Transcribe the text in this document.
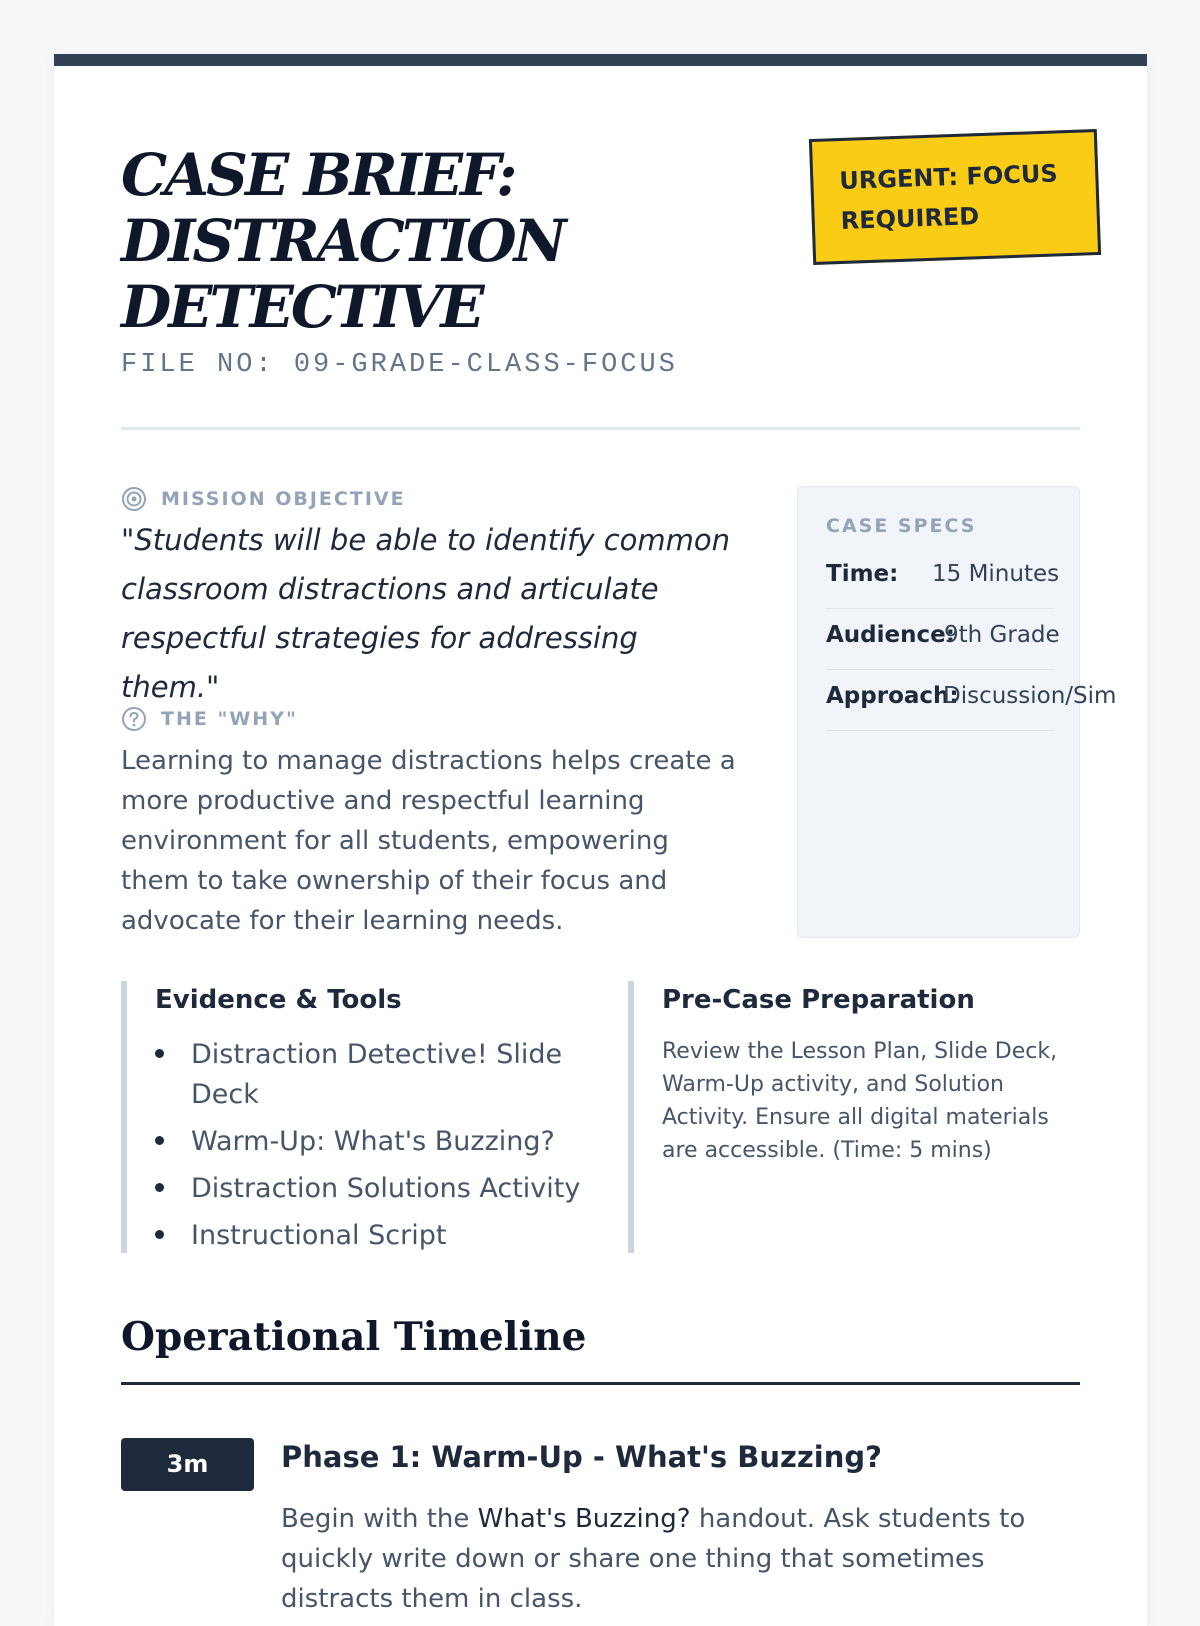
CASE BRIEF: DISTRACTION DETECTIVE
FILE NO: 09-GRADE-CLASS-FOCUS
URGENT: FOCUS REQUIRED
MISSION OBJECTIVE

"Students will be able to identify common classroom distractions and articulate respectful strategies for addressing them."

THE "WHY"

Learning to manage distractions helps create a more productive and respectful learning environment for all students, empowering them to take ownership of their focus and advocate for their learning needs.

CASE SPECS
Time: 15 Minutes
Audience:
9th Grade
Approach:
Discussion/Sim
Evidence & Tools
Distraction Detective! Slide Deck
Warm-Up: What's Buzzing?
Distraction Solutions Activity
Instructional Script
Pre-Case Preparation

Review the Lesson Plan, Slide Deck, Warm-Up activity, and Solution Activity. Ensure all digital materials are accessible. (Time: 5 mins)

Operational Timeline
3m	Phase 1: Warm-Up - What's Buzzing?

Begin with the What's Buzzing? handout. Ask students to quickly write down or share one thing that sometimes distracts them in class.
